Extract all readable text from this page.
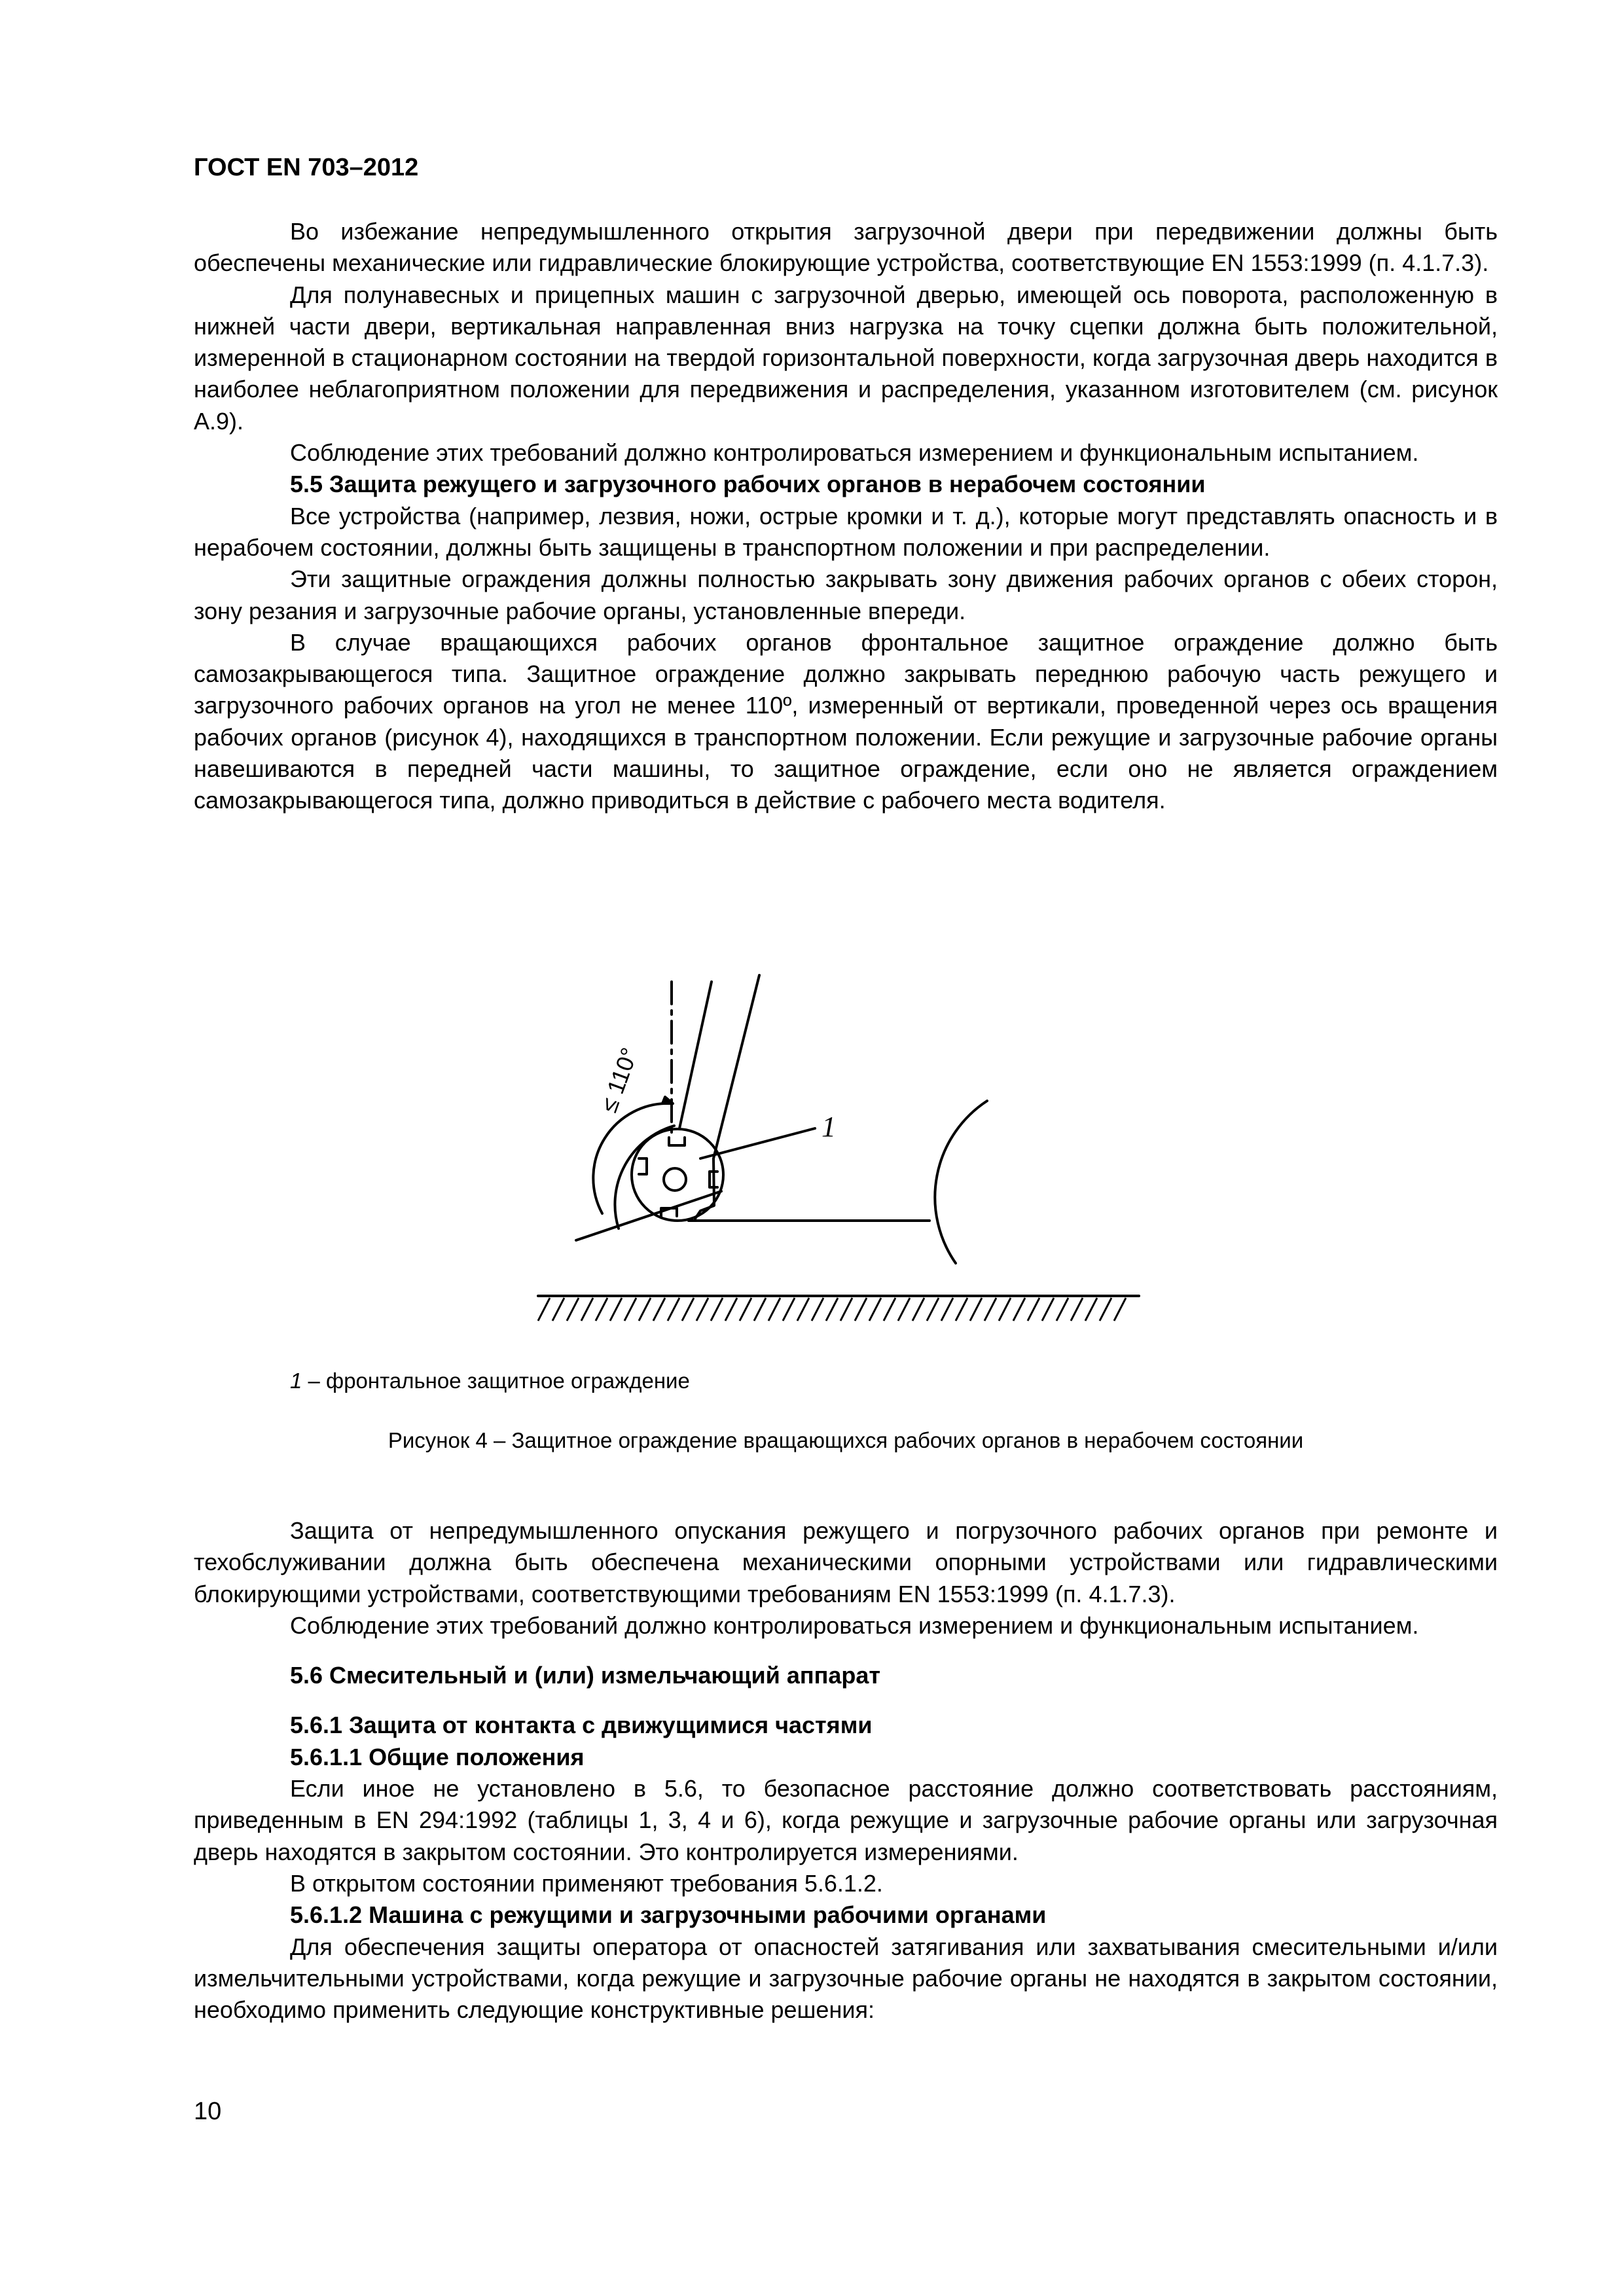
ГОСТ EN 703–2012

Во избежание непредумышленного открытия загрузочной двери при передвижении должны быть обеспечены механические или гидравлические блокирующие устройства, соответствующие EN 1553:1999 (п. 4.1.7.3).

Для полунавесных и прицепных машин с загрузочной дверью, имеющей ось поворота, расположенную в нижней части двери, вертикальная направленная вниз нагрузка на точку сцепки должна быть положительной, измеренной в стационарном состоянии на твердой горизонтальной поверхности, когда загрузочная дверь находится в наиболее неблагоприятном положении для передвижения и распределения, указанном изготовителем (см. рисунок А.9).

Соблюдение этих требований должно контролироваться измерением и функциональным испытанием.

5.5 Защита режущего и загрузочного рабочих органов в нерабочем состоянии

Все устройства (например, лезвия, ножи, острые кромки и т. д.), которые могут представлять опасность и в нерабочем состоянии, должны быть защищены в транспортном положении и при распределении.

Эти защитные ограждения должны полностью закрывать зону движения рабочих органов с обеих сторон, зону резания и загрузочные рабочие органы, установленные впереди.

В случае вращающихся рабочих органов фронтальное защитное ограждение должно быть самозакрывающегося типа. Защитное ограждение должно закрывать переднюю рабочую часть режущего и загрузочного рабочих органов на угол не менее 110º, измеренный от вертикали, проведенной через ось вращения рабочих органов (рисунок 4), находящихся в транспортном положении. Если режущие и загрузочные рабочие органы навешиваются в передней части машины, то защитное ограждение, если оно не является ограждением самозакрывающегося типа, должно приводиться в действие с рабочего места водителя.

≤ 110°
1
1 – фронтальное защитное ограждение
Рисунок 4 – Защитное ограждение вращающихся рабочих органов в нерабочем состоянии

Защита от непредумышленного опускания режущего и погрузочного рабочих органов при ремонте и техобслуживании должна быть обеспечена механическими опорными устройствами или гидравлическими блокирующими устройствами, соответствующими требованиям EN 1553:1999 (п. 4.1.7.3).

Соблюдение этих требований должно контролироваться измерением и функциональным испытанием.

5.6 Смесительный и (или) измельчающий аппарат

5.6.1 Защита от контакта с движущимися частями

5.6.1.1 Общие положения

Если иное не установлено в 5.6, то безопасное расстояние должно соответствовать расстояниям, приведенным в EN 294:1992 (таблицы 1, 3, 4 и 6), когда режущие и загрузочные рабочие органы или загрузочная дверь находятся в закрытом состоянии. Это контролируется измерениями.

В открытом состоянии применяют требования 5.6.1.2.

5.6.1.2 Машина с режущими и загрузочными рабочими органами

Для обеспечения защиты оператора от опасностей затягивания или захватывания смесительными и/или измельчительными устройствами, когда режущие и загрузочные рабочие органы не находятся в закрытом состоянии, необходимо применить следующие конструктивные решения:

10
